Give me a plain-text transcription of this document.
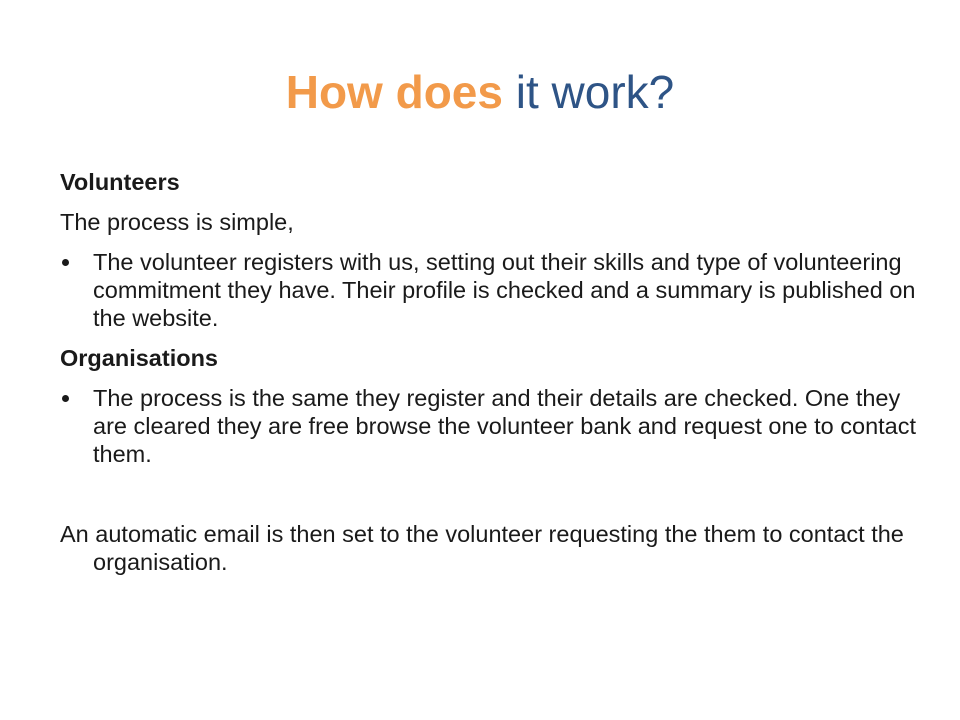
How does it work?
Volunteers
The process is simple,
The volunteer registers with us, setting out their skills and type of volunteering commitment they have. Their profile is checked and a summary is published on the website.
Organisations
The process is the same they register and their details are checked. One they are cleared they are free browse the volunteer bank and request one to contact them.
An automatic email is then set to the volunteer requesting the them to contact the organisation.
